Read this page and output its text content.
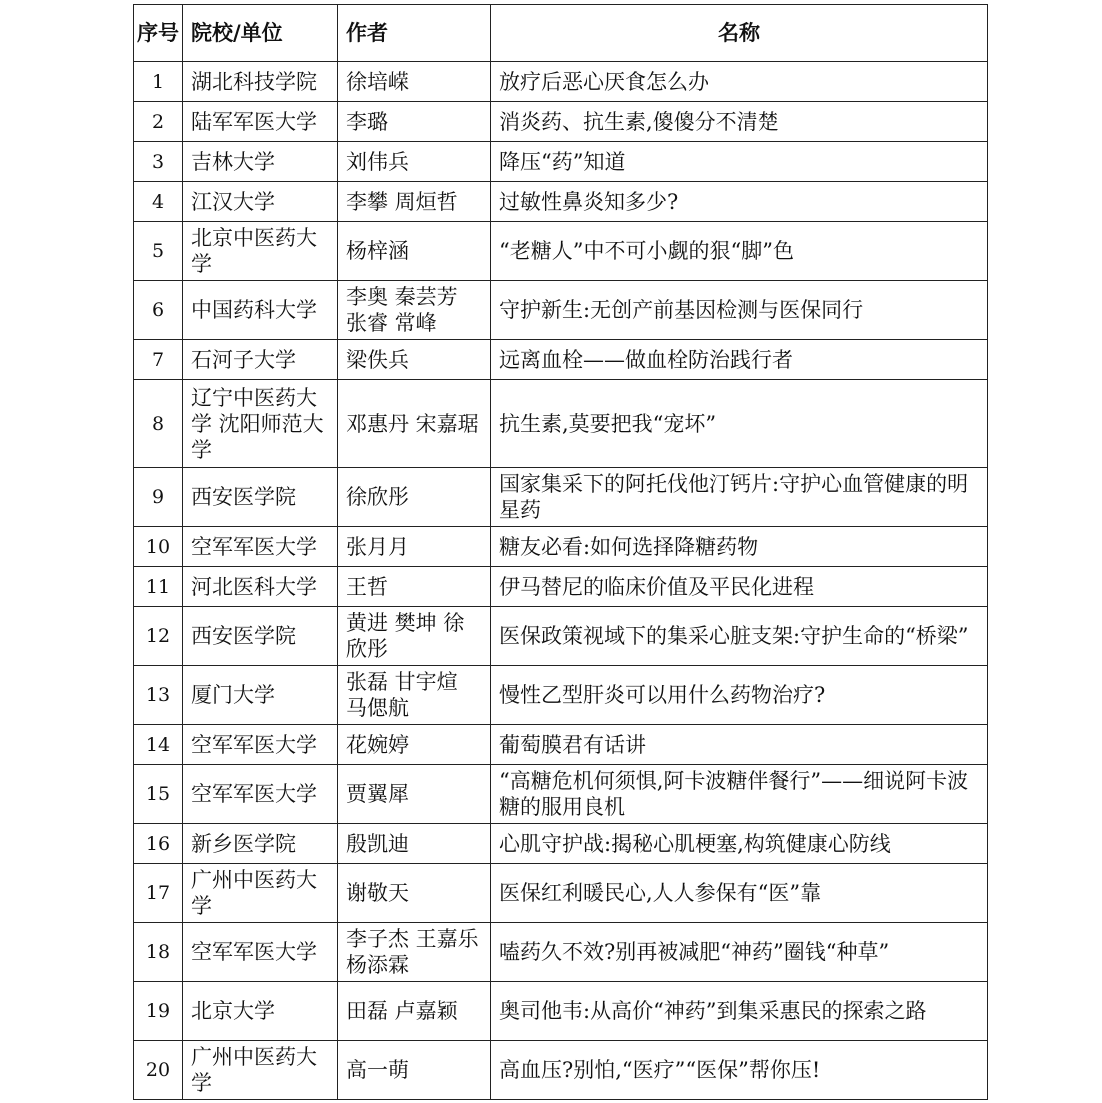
序号	院校/单位	作者	名称
1	湖北科技学院	徐培嵘	放疗后恶心厌食怎么办
2	陆军军医大学	李璐	消炎药、抗生素,傻傻分不清楚
3	吉林大学	刘伟兵	降压“药”知道
4	江汉大学	李攀 周烜哲	过敏性鼻炎知多少?
5	北京中医药大学	杨梓涵	“老糖人”中不可小觑的狠“脚”色
6	中国药科大学	李奥 秦芸芳 张睿 常峰	守护新生:无创产前基因检测与医保同行
7	石河子大学	梁佚兵	远离血栓——做血栓防治践行者
8	辽宁中医药大学 沈阳师范大学	邓惠丹 宋嘉琚	抗生素,莫要把我“宠坏”
9	西安医学院	徐欣彤	国家集采下的阿托伐他汀钙片:守护心血管健康的明星药
10	空军军医大学	张月月	糖友必看:如何选择降糖药物
11	河北医科大学	王哲	伊马替尼的临床价值及平民化进程
12	西安医学院	黄进 樊坤 徐欣彤	医保政策视域下的集采心脏支架:守护生命的“桥梁”
13	厦门大学	张磊 甘宇煊 马偲航	慢性乙型肝炎可以用什么药物治疗?
14	空军军医大学	花婉婷	葡萄膜君有话讲
15	空军军医大学	贾翼犀	“高糖危机何须惧,阿卡波糖伴餐行”——细说阿卡波糖的服用良机
16	新乡医学院	殷凯迪	心肌守护战:揭秘心肌梗塞,构筑健康心防线
17	广州中医药大学	谢敬天	医保红利暖民心,人人参保有“医”靠
18	空军军医大学	李子杰 王嘉乐 杨添霖	嗑药久不效?别再被减肥“神药”圈钱“种草”
19	北京大学	田磊 卢嘉颖	奥司他韦:从高价“神药”到集采惠民的探索之路
20	广州中医药大学	高一萌	高血压?别怕,“医疗”“医保”帮你压!
